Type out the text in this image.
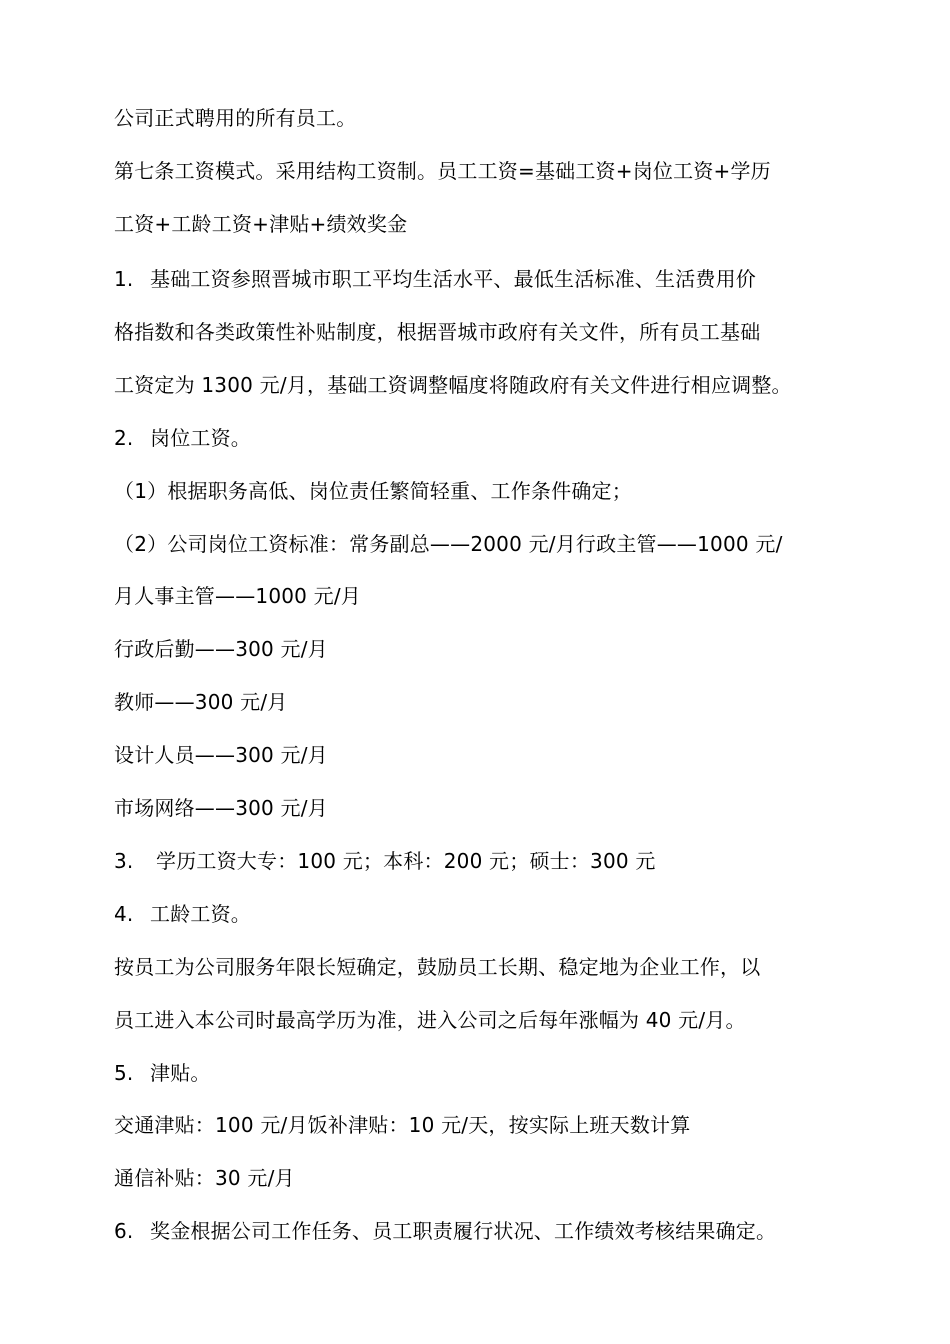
公司正式聘用的所有员工。
第七条工资模式。采用结构工资制。员工工资=基础工资+岗位工资+学历
工资+工龄工资+津贴+绩效奖金
1. 基础工资参照晋城市职工平均生活水平、最低生活标准、生活费用价
格指数和各类政策性补贴制度，根据晋城市政府有关文件，所有员工基础
工资定为 1300 元/月，基础工资调整幅度将随政府有关文件进行相应调整。
2. 岗位工资。
（1）根据职务高低、岗位责任繁简轻重、工作条件确定；
（2）公司岗位工资标准：常务副总——2000 元/月行政主管——1000 元/
月人事主管——1000 元/月
行政后勤——300 元/月
教师——300 元/月
设计人员——300 元/月
市场网络——300 元/月
3. 学历工资大专：100 元；本科：200 元；硕士：300 元
4. 工龄工资。
按员工为公司服务年限长短确定，鼓励员工长期、稳定地为企业工作，以
员工进入本公司时最高学历为准，进入公司之后每年涨幅为 40 元/月。
5. 津贴。
交通津贴：100 元/月饭补津贴：10 元/天，按实际上班天数计算
通信补贴：30 元/月
6. 奖金根据公司工作任务、员工职责履行状况、工作绩效考核结果确定。
